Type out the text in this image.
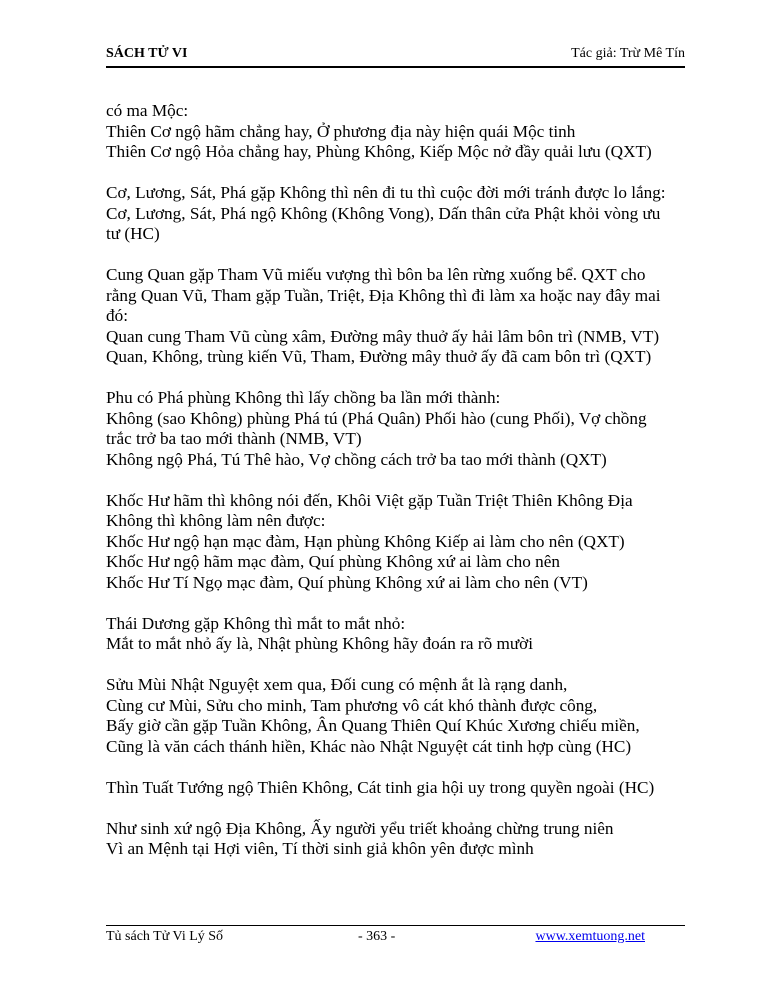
SÁCH TỬ VI	Tác giả: Trừ Mê Tín
có ma Mộc:
Thiên Cơ ngộ hãm chẳng hay, Ở phương địa này hiện quái Mộc tinh
Thiên Cơ ngộ Hỏa chẳng hay, Phùng Không, Kiếp Mộc nở đầy quải lưu (QXT)
Cơ, Lương, Sát, Phá gặp Không thì nên đi tu thì cuộc đời mới tránh được lo lắng:
Cơ, Lương, Sát, Phá ngộ Không (Không Vong), Dấn thân cửa Phật khỏi vòng ưu
tư (HC)
Cung Quan gặp Tham Vũ miếu vượng thì bôn ba lên rừng xuống bể. QXT cho
rằng Quan Vũ, Tham gặp Tuần, Triệt, Địa Không thì đi làm xa hoặc nay đây mai
đó:
Quan cung Tham Vũ cùng xâm, Đường mây thuở ấy hải lâm bôn trì (NMB, VT)
Quan, Không, trùng kiến Vũ, Tham, Đường mây thuở ấy đã cam bôn trì (QXT)
Phu có Phá phùng Không thì lấy chồng ba lần mới thành:
Không (sao Không) phùng Phá tú (Phá Quân) Phối hào (cung Phối), Vợ chồng
trắc trở ba tao mới thành (NMB, VT)
Không ngộ Phá, Tú Thê hào, Vợ chồng cách trở ba tao mới thành (QXT)
Khốc Hư hãm thì không nói đến, Khôi Việt gặp Tuần Triệt Thiên Không Địa
Không thì không làm nên được:
Khốc Hư ngộ hạn mạc đàm, Hạn phùng Không Kiếp ai làm cho nên (QXT)
Khốc Hư ngộ hãm mạc đàm, Quí phùng Không xứ ai làm cho nên
Khốc Hư Tí Ngọ mạc đàm, Quí phùng Không xứ ai làm cho nên (VT)
Thái Dương gặp Không thì mắt to mắt nhỏ:
Mắt to mắt nhỏ ấy là, Nhật phùng Không hãy đoán ra rõ mười
Sửu Mùi Nhật Nguyệt xem qua, Đối cung có mệnh ắt là rạng danh,
Cùng cư Mùi, Sửu cho minh, Tam phương vô cát khó thành được công,
Bấy giờ cần gặp Tuần Không, Ân Quang Thiên Quí Khúc Xương chiếu miền,
Cũng là văn cách thánh hiền, Khác nào Nhật Nguyệt cát tinh hợp cùng (HC)
Thìn Tuất Tướng ngộ Thiên Không, Cát tinh gia hội uy trong quyền ngoài (HC)
Như sinh xứ ngộ Địa Không, Ấy người yểu triết khoảng chừng trung niên
Vì an Mệnh tại Hợi viên, Tí thời sinh giả khôn yên được mình
Tủ sách Tử Vi Lý Số	- 363 -	www.xemtuong.net
